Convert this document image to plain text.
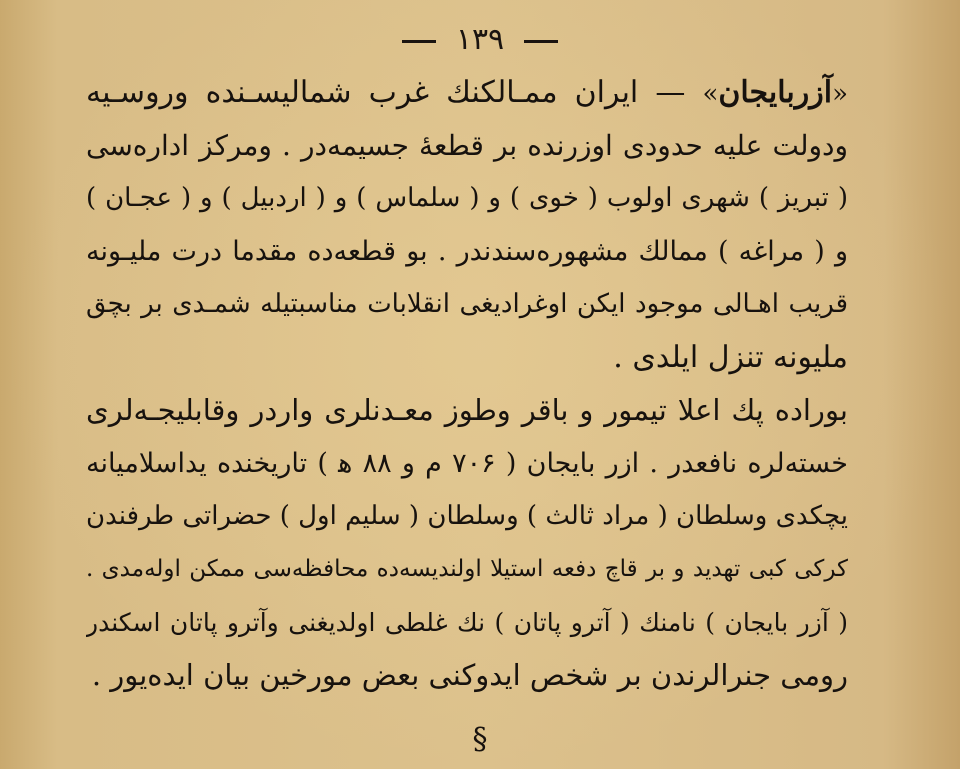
١٣٩
«آزربايجان» — ایران ممـالکنك غرب شمالیسـنده وروسـیه
ودولت علیه حدودی اوزرنده بر قطعهٔ جسیمه‌در . ومرکز اداره‌سی
( تبریز ) شهری اولوب ( خوی ) و ( سلماس ) و ( اردبیل ) و ( عجـان )
و ( مراغه ) ممالك مشهوره‌سندندر . بو قطعه‌ده مقدما درت ملیـونه
قریب اهـالی موجود ایکن اوغرادیغی انقلابات مناسبتیله شمـدی بر بچق
ملیونه تنزل ایلدی .
بوراده پك اعلا تیمور و باقر وطوز معـدنلری واردر وقابلیجـه‌لری
خسته‌لره نافعدر . ازر بایجان ( ۷۰۶ م و ۸۸ ﻫ ) تاریخنده یداسلامیانه
یچکدی وسلطان ( مراد ثالث ) وسلطان ( سلیم اول ) حضراتی طرفندن
کرکی کبی تهدید و بر قاچ دفعه استیلا اولندیسه‌ده محافظه‌سی ممکن اوله‌مدی .
( آزر بایجان ) نامنك ( آترو پاتان ) نك غلطی اولدیغنی وآترو پاتان اسکندر
رومی جنرالرندن بر شخص ایدوکنی بعض مورخین بیان ایده‌یور .
§
